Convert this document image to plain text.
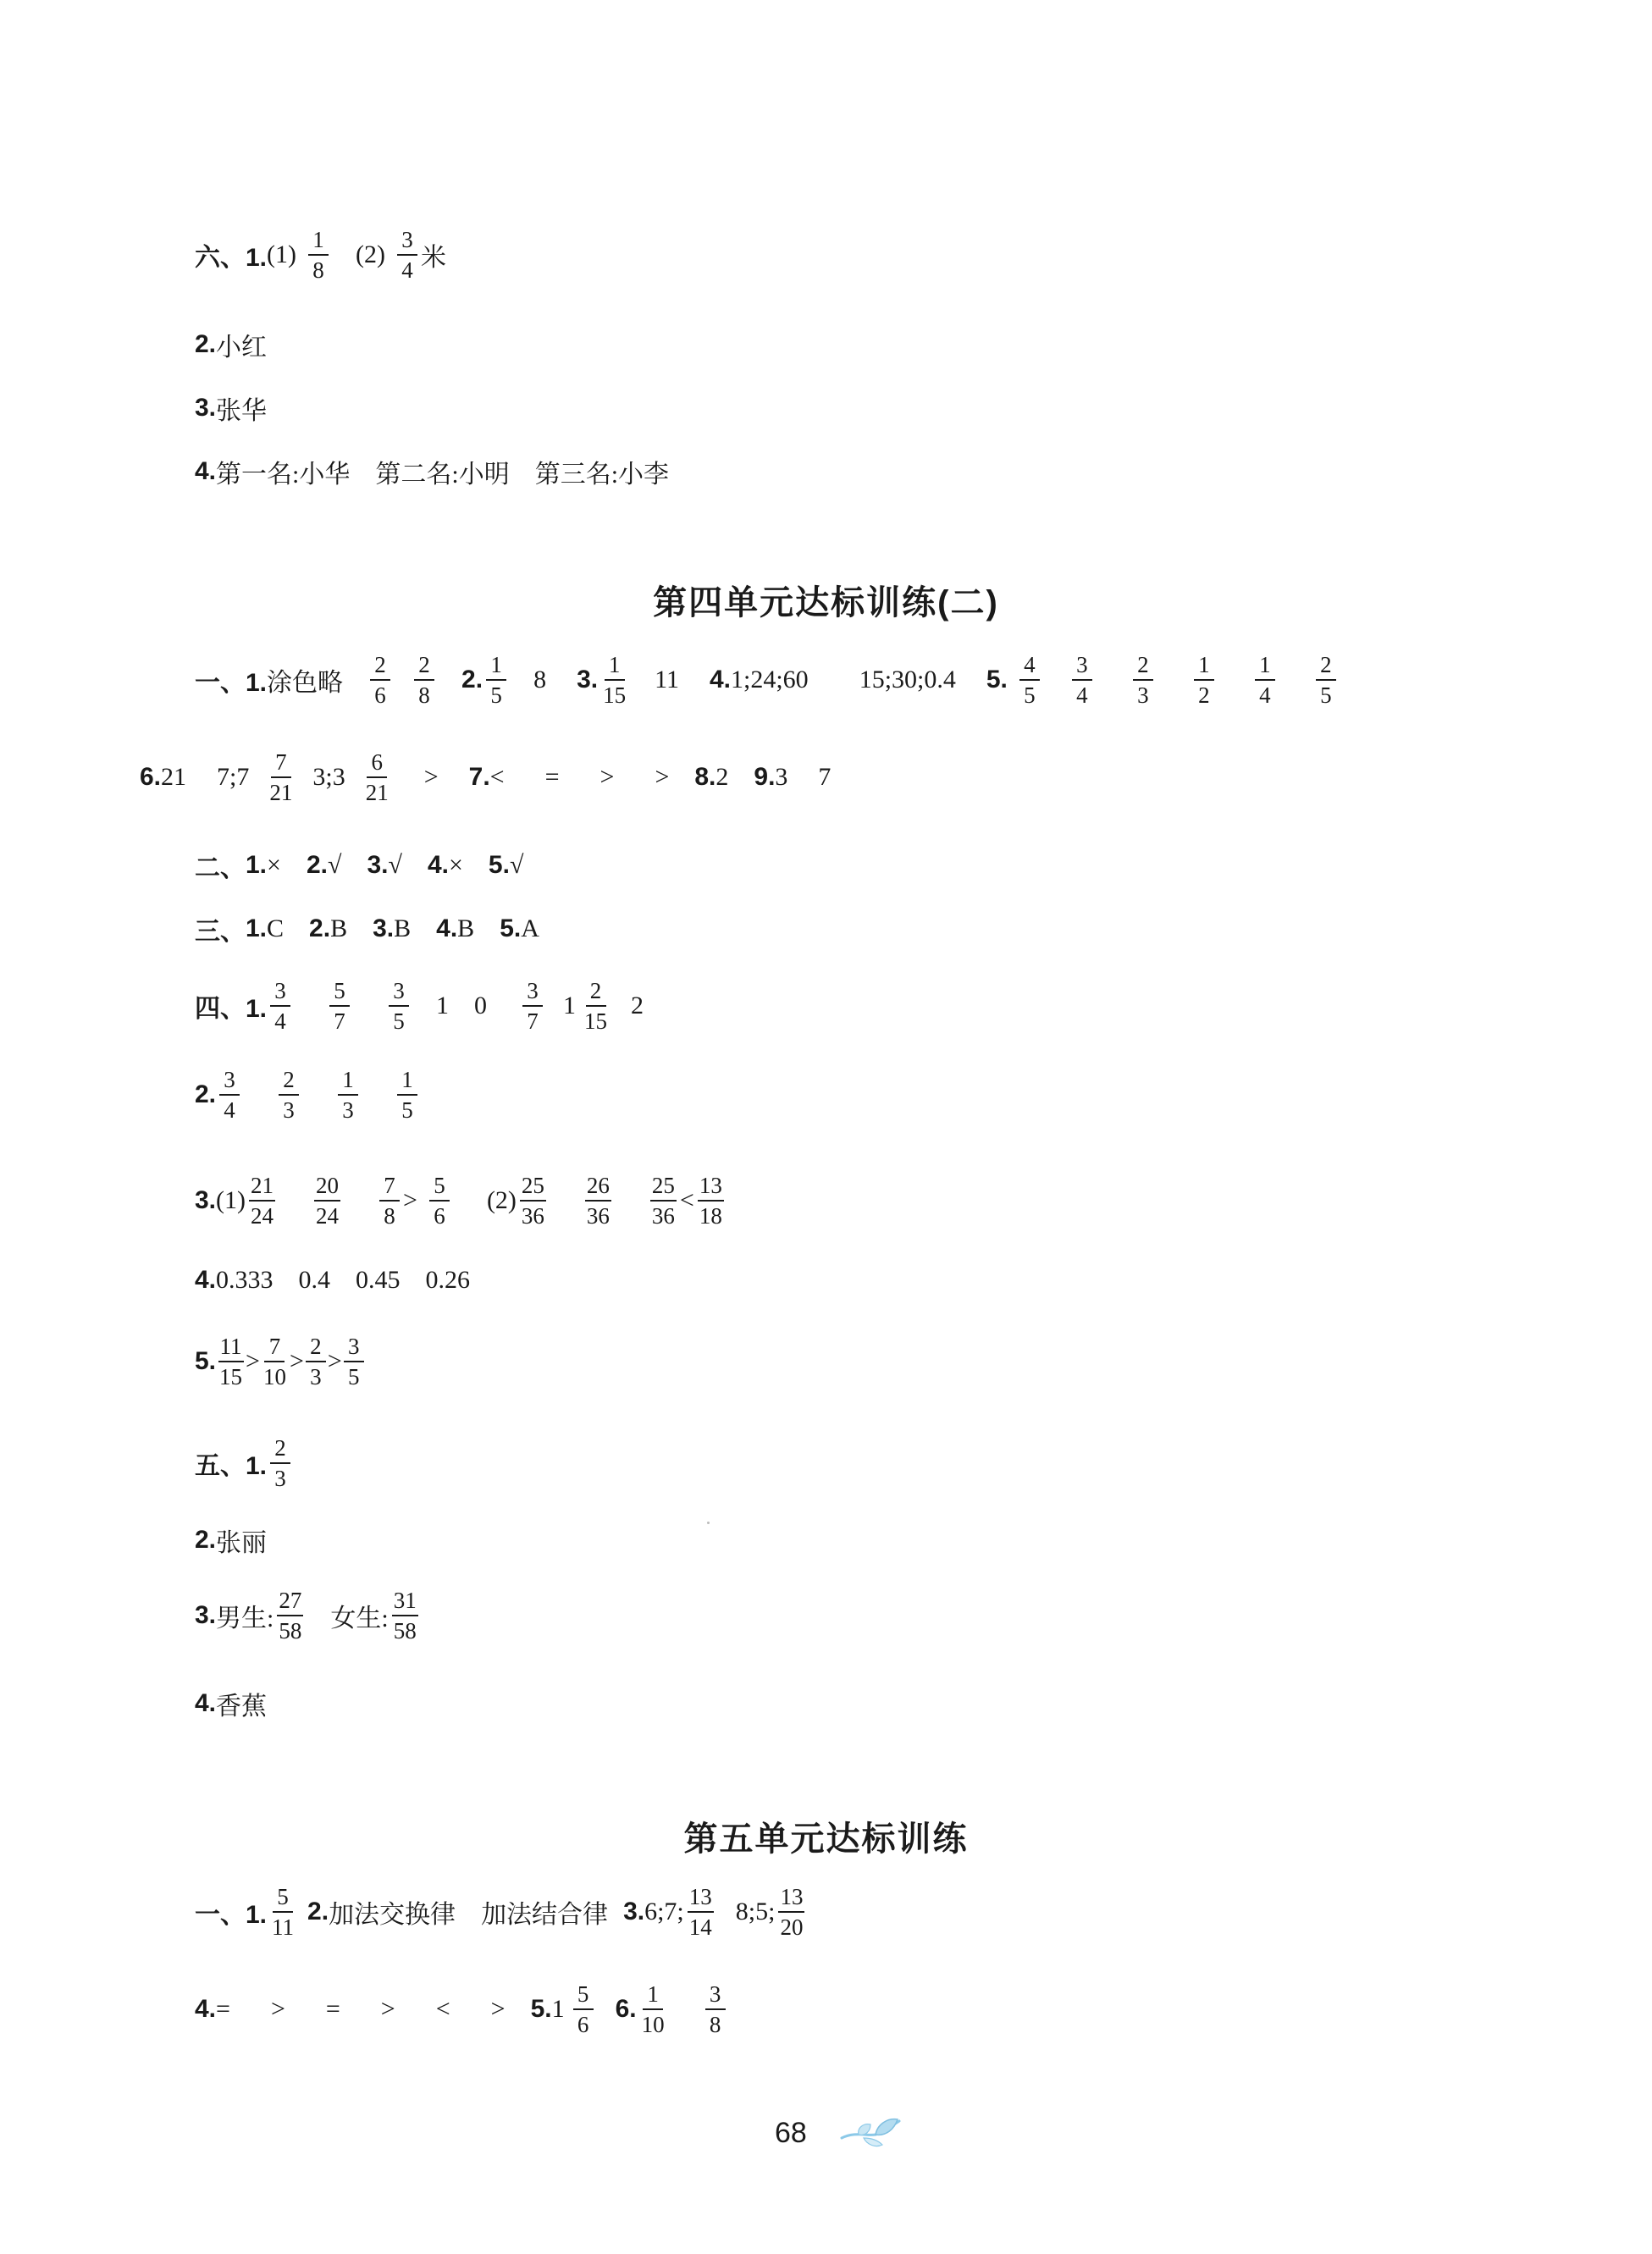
六、1. $(1) \frac{1}{8} (2) \frac{3}{4}$ 米
2. 小红
3. 张华
4. 第一名:小华 第二名:小明 第三名:小李
第四单元达标训练(二)
一、1. 涂色略 $\frac{2}{6} \frac{2}{8} 2$. $\frac{1}{5} 8$ 3. $\frac{1}{15} 11$ 4. 1;24;60 15;30;0.4 5. $\frac{4}{5} \frac{3}{4} \frac{2}{3} \frac{1}{2} \frac{1}{4} \frac{2}{5}$
6. 21 7;7 $\frac{7}{21}$ 3;3 $\frac{6}{21} > 7$. < = > > 8. 2 9. 3 7
二、 1. × 2. √ 3. √ 4. × 5. √
三、 1. C 2. B 3. B 4. B 5. A
四、1. $\frac{3}{4} \frac{5}{7} \frac{3}{5} 1$ $0 \frac{3}{7} 1 \frac{2}{15} 2$
2. $\frac{3}{4} \frac{2}{3} \frac{1}{3} \frac{1}{5}$
3. $(1) \frac{21}{24} \frac{20}{24} \frac{7}{8} > \frac{5}{6} (2) \frac{25}{36} \frac{26}{36} \frac{25}{36} < \frac{13}{18}$
4. 0.333 0.4 0.45 0.26
5. $\frac{11}{15} > \frac{7}{10} > \frac{2}{3} > \frac{3}{5}$
五、1. $\frac{2}{3}$
2. 张丽
3. 男生: $\frac{27}{58}$ 女生: $\frac{31}{58}$
4. 香蕉
第五单元达标训练
一、1. $\frac{5}{11} 2$. 加法交换律 加法结合律 3. 6;7; $\frac{13}{14}$ 8;5; $\frac{13}{20}$
4. = > = > < > 5. $1 \frac{5}{6} 6$. $\frac{1}{10} \frac{3}{8}$
68
